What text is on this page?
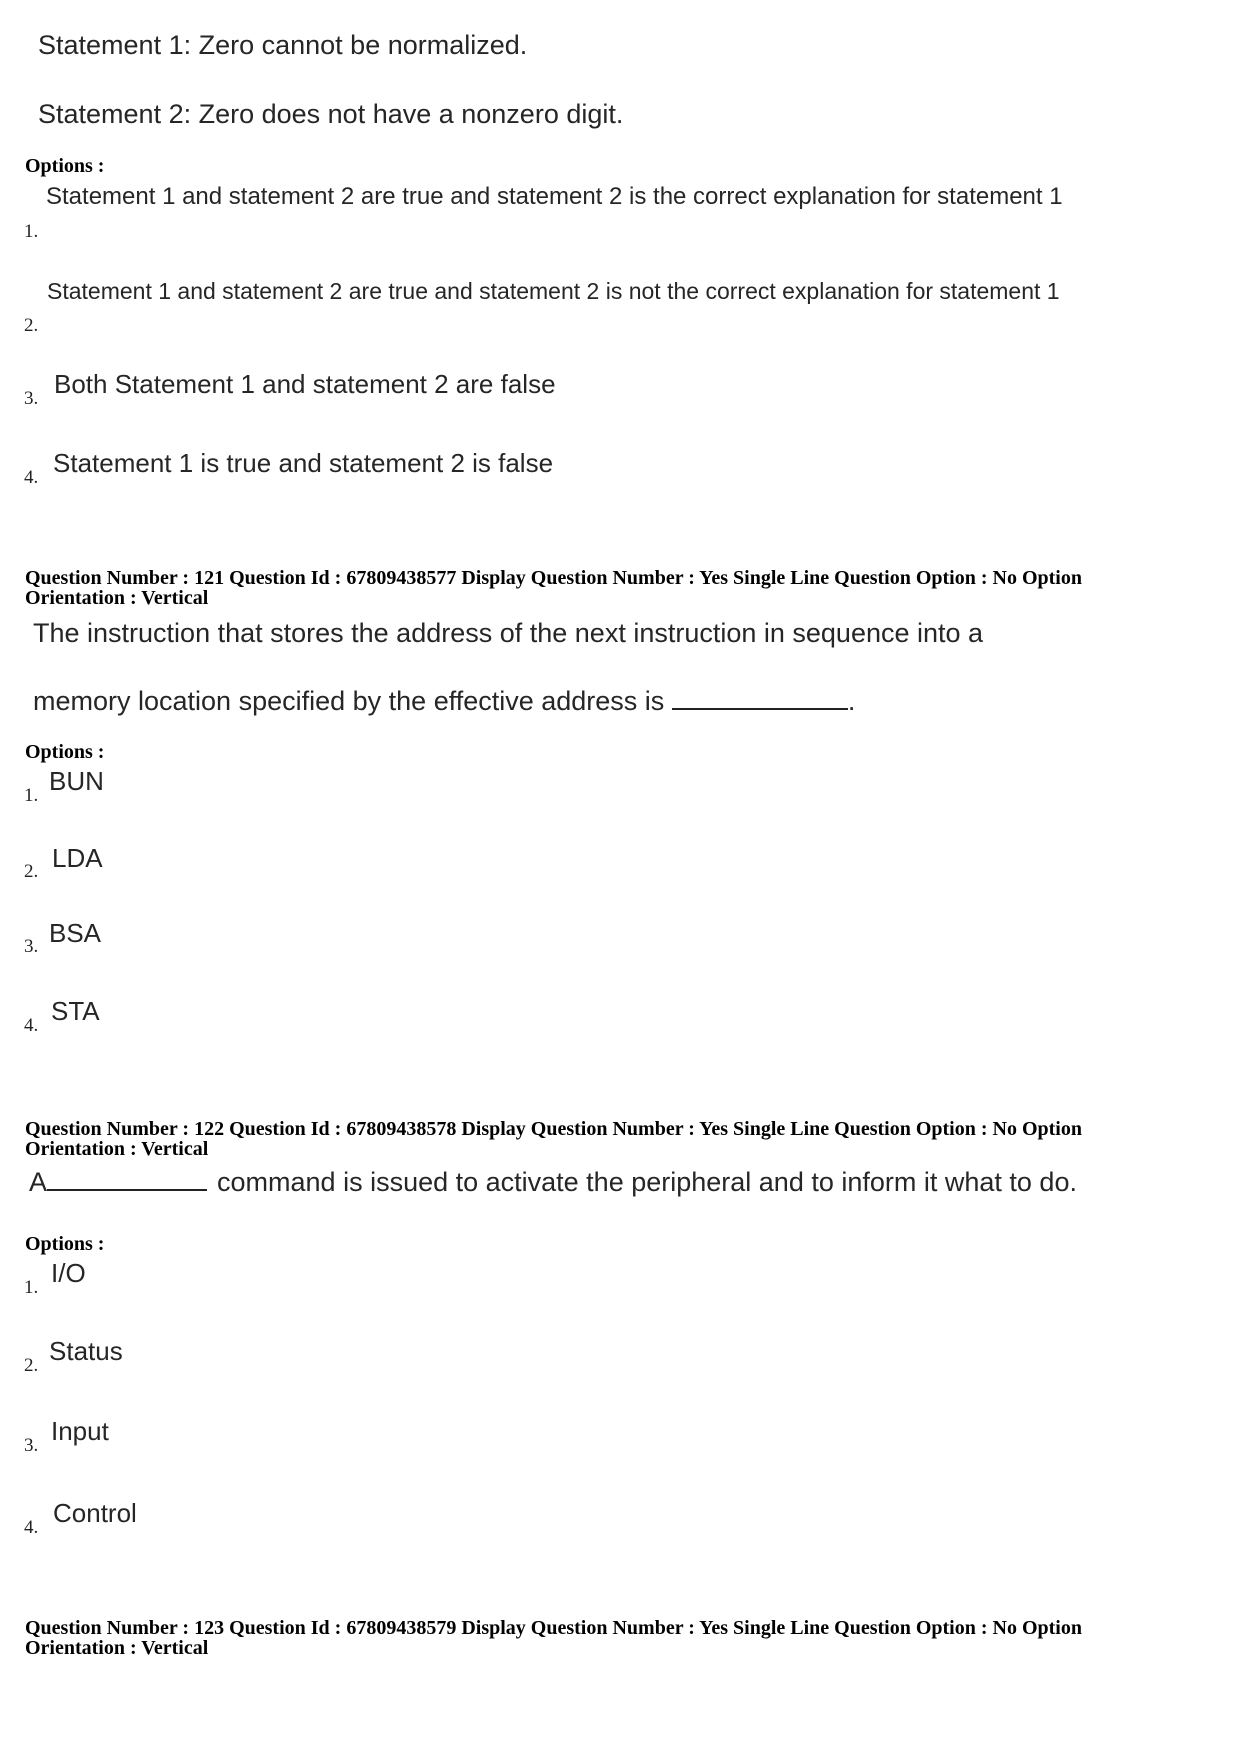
Statement 1: Zero cannot be normalized.
Statement 2: Zero does not have a nonzero digit.
Options :
Statement 1 and statement 2 are true and statement 2 is the correct explanation for statement 1
1.
Statement 1 and statement 2 are true and statement 2 is not the correct explanation for statement 1
2.
3. Both Statement 1 and statement 2 are false
4. Statement 1 is true and statement 2 is false
Question Number : 121 Question Id : 67809438577 Display Question Number : Yes Single Line Question Option : No Option
Orientation : Vertical
The instruction that stores the address of the next instruction in sequence into a
memory location specified by the effective address is	.
Options :
1. BUN
2. LDA
3. BSA
4. STA
Question Number : 122 Question Id : 67809438578 Display Question Number : Yes Single Line Question Option : No Option
Orientation : Vertical
A	command is issued to activate the peripheral and to inform it what to do.
Options :
1. I/O
2. Status
3. Input
4. Control
Question Number : 123 Question Id : 67809438579 Display Question Number : Yes Single Line Question Option : No Option
Orientation : Vertical
